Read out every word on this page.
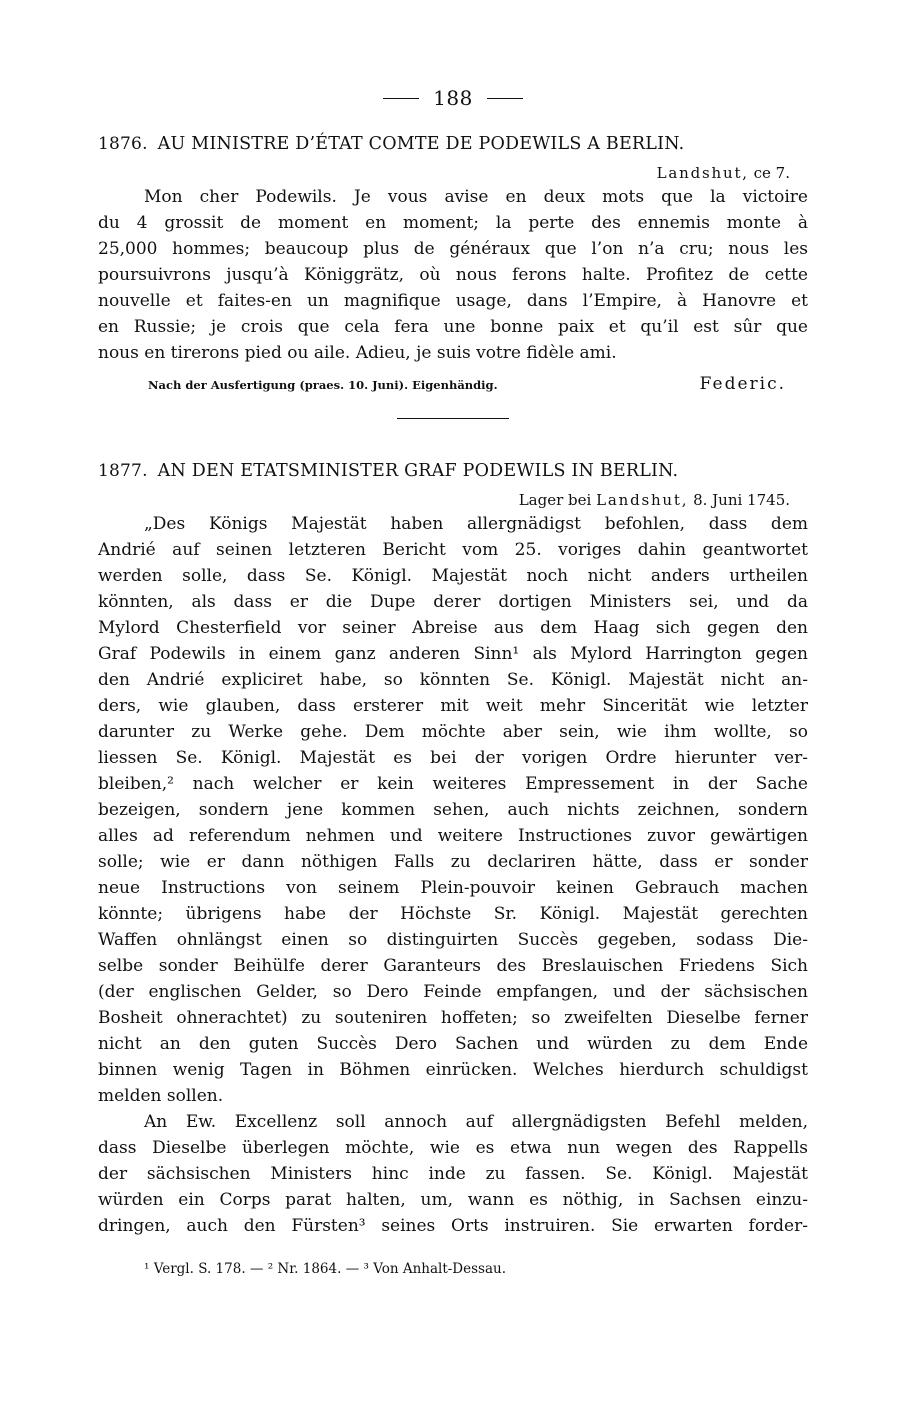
188
1876. AU MINISTRE D’ÉTAT COMTE DE PODEWILS A BERLIN.
Landshut, ce 7.
Mon cher Podewils. Je vous avise en deux mots que la victoire
du 4 grossit de moment en moment; la perte des ennemis monte à
25,000 hommes; beaucoup plus de généraux que l’on n’a cru; nous les
poursuivrons jusqu’à Königgrätz, où nous ferons halte. Profitez de cette
nouvelle et faites-en un magnifique usage, dans l’Empire, à Hanovre et
en Russie; je crois que cela fera une bonne paix et qu’il est sûr que
nous en tirerons pied ou aile. Adieu, je suis votre fidèle ami.
Nach der Ausfertigung (praes. 10. Juni). Eigenhändig.	Federic.
1877. AN DEN ETATSMINISTER GRAF PODEWILS IN BERLIN.
Lager bei Landshut, 8. Juni 1745.
„Des Königs Majestät haben allergnädigst befohlen, dass dem
Andrié auf seinen letzteren Bericht vom 25. voriges dahin geantwortet
werden solle, dass Se. Königl. Majestät noch nicht anders urtheilen
könnten, als dass er die Dupe derer dortigen Ministers sei, und da
Mylord Chesterfield vor seiner Abreise aus dem Haag sich gegen den
Graf Podewils in einem ganz anderen Sinn¹ als Mylord Harrington gegen
den Andrié expliciret habe, so könnten Se. Königl. Majestät nicht an-
ders, wie glauben, dass ersterer mit weit mehr Sincerität wie letzter
darunter zu Werke gehe. Dem möchte aber sein, wie ihm wollte, so
liessen Se. Königl. Majestät es bei der vorigen Ordre hierunter ver-
bleiben,² nach welcher er kein weiteres Empressement in der Sache
bezeigen, sondern jene kommen sehen, auch nichts zeichnen, sondern
alles ad referendum nehmen und weitere Instructiones zuvor gewärtigen
solle; wie er dann nöthigen Falls zu declariren hätte, dass er sonder
neue Instructions von seinem Plein-pouvoir keinen Gebrauch machen
könnte; übrigens habe der Höchste Sr. Königl. Majestät gerechten
Waffen ohnlängst einen so distinguirten Succès gegeben, sodass Die-
selbe sonder Beihülfe derer Garanteurs des Breslauischen Friedens Sich
(der englischen Gelder, so Dero Feinde empfangen, und der sächsischen
Bosheit ohnerachtet) zu souteniren hoffeten; so zweifelten Dieselbe ferner
nicht an den guten Succès Dero Sachen und würden zu dem Ende
binnen wenig Tagen in Böhmen einrücken. Welches hierdurch schuldigst
melden sollen.
An Ew. Excellenz soll annoch auf allergnädigsten Befehl melden,
dass Dieselbe überlegen möchte, wie es etwa nun wegen des Rappells
der sächsischen Ministers hinc inde zu fassen. Se. Königl. Majestät
würden ein Corps parat halten, um, wann es nöthig, in Sachsen einzu-
dringen, auch den Fürsten³ seines Orts instruiren. Sie erwarten forder-
¹ Vergl. S. 178. — ² Nr. 1864. — ³ Von Anhalt-Dessau.
